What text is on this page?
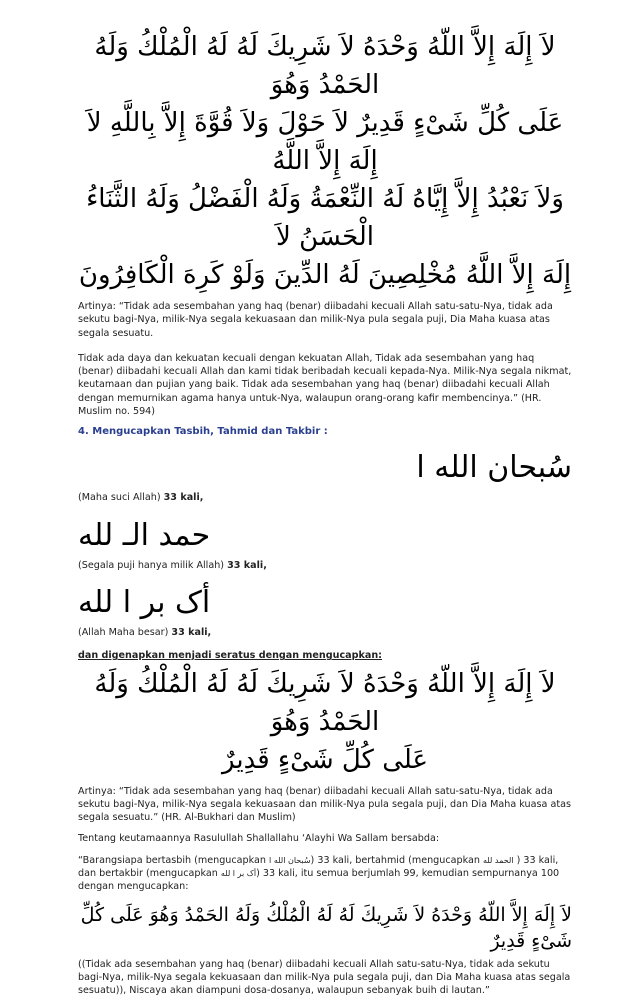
لاَ إِلَهَ إِلاَّ اللّهُ وَحْدَهُ لاَ شَرِيكَ لَهُ لَهُ الْمُلْكُ وَلَهُ الحَمْدُ وَهُوَ

عَلَى كُلِّ شَىْءٍ قَدِيرٌ لاَ حَوْلَ وَلاَ قُوَّةَ إِلاَّ بِاللَّهِ لاَ إِلَهَ إِلاَّ اللَّهُ

وَلاَ نَعْبُدُ إِلاَّ إِيَّاهُ لَهُ النِّعْمَةُ وَلَهُ الْفَضْلُ وَلَهُ الثَّنَاءُ الْحَسَنُ لاَ

إِلَهَ إِلاَّ اللَّهُ مُخْلِصِينَ لَهُ الدِّينَ وَلَوْ كَرِهَ الْكَافِرُونَ

Artinya: “Tidak ada sesembahan yang haq (benar) diibadahi kecuali Allah satu-satu-Nya, tidak ada sekutu bagi-Nya, milik-Nya segala kekuasaan dan milik-Nya pula segala puji, Dia Maha kuasa atas segala sesuatu.

Tidak ada daya dan kekuatan kecuali dengan kekuatan Allah, Tidak ada sesembahan yang haq (benar) diibadahi kecuali Allah dan kami tidak beribadah kecuali kepada-Nya. Milik-Nya segala nikmat, keutamaan dan pujian yang baik. Tidak ada sesembahan yang haq (benar) diibadahi kecuali Allah dengan memurnikan agama hanya untuk-Nya, walaupun orang-orang kafir membencinya.” (HR. Muslim no. 594)

4. Mengucapkan Tasbih, Tahmid dan Takbir :

سُبحان الله ا

(Maha suci Allah) 33 kali,

حمد الـ لله

(Segala puji hanya milik Allah) 33 kali,

أک بر ا لله

(Allah Maha besar) 33 kali,

dan digenapkan menjadi seratus dengan mengucapkan:

لاَ إِلَهَ إِلاَّ اللّهُ وَحْدَهُ لاَ شَرِيكَ لَهُ لَهُ الْمُلْكُ وَلَهُ الحَمْدُ وَهُوَ

عَلَى كُلِّ شَىْءٍ قَدِيرٌ

Artinya: “Tidak ada sesembahan yang haq (benar) diibadahi kecuali Allah satu-satu-Nya, tidak ada sekutu bagi-Nya, milik-Nya segala kekuasaan dan milik-Nya pula segala puji, dan Dia Maha kuasa atas segala sesuatu.” (HR. Al-Bukhari dan Muslim)

Tentang keutamaannya Rasulullah Shallallahu ‘Alayhi Wa Sallam bersabda:

“Barangsiapa bertasbih (mengucapkan سُبحان الله ا) 33 kali, bertahmid (mengucapkan الحمد لله ) 33 kali, dan bertakbir (mengucapkan أک بر ا لله) 33 kali, itu semua berjumlah 99, kemudian sempurnanya 100 dengan mengucapkan:

لاَ إِلَهَ إِلاَّ اللّهُ وَحْدَهُ لاَ شَرِيكَ لَهُ لَهُ الْمُلْكُ وَلَهُ الحَمْدُ وَهُوَ عَلَى كُلِّ شَىْءٍ قَدِيرٌ

((Tidak ada sesembahan yang haq (benar) diibadahi kecuali Allah satu-satu-Nya, tidak ada sekutu bagi-Nya, milik-Nya segala kekuasaan dan milik-Nya pula segala puji, dan Dia Maha kuasa atas segala sesuatu)), Niscaya akan diampuni dosa-dosanya, walaupun sebanyak buih di lautan.”
